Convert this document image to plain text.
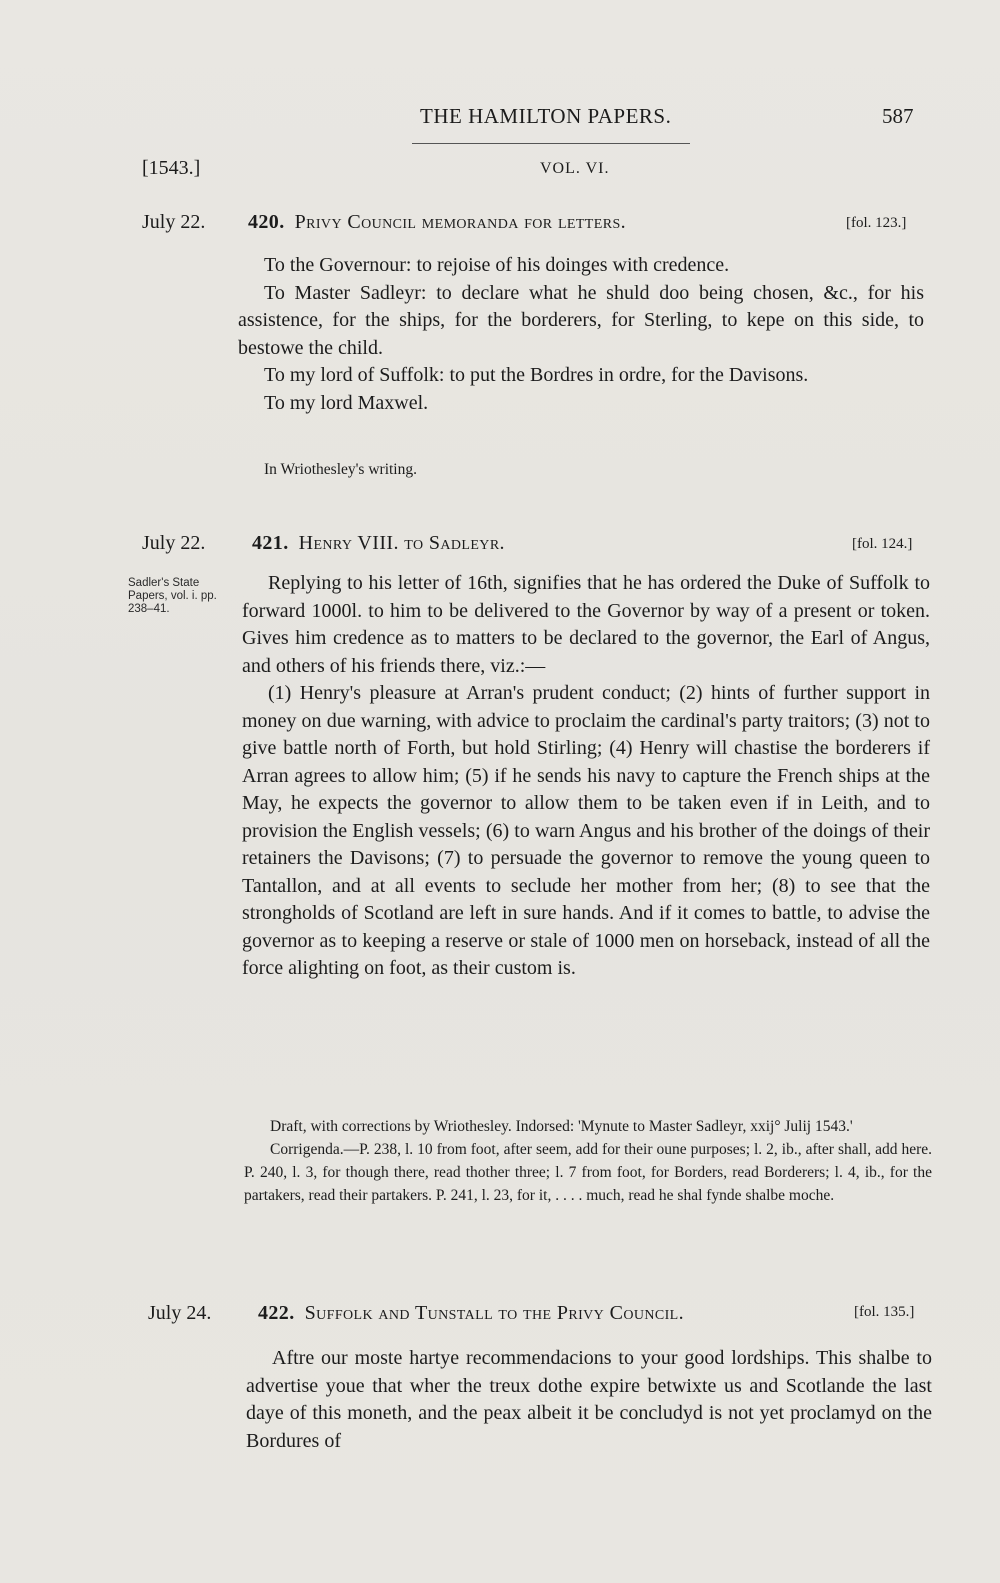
THE HAMILTON PAPERS.	587
[1543.]	VOL. VI.
July 22. 420. Privy Council memoranda for letters.	[fol. 123.]

To the Governour: to rejoise of his doinges with credence.

To Master Sadleyr: to declare what he shuld doo being chosen, &c., for his assistence, for the ships, for the borderers, for Sterling, to kepe on this side, to bestowe the child.

To my lord of Suffolk: to put the Bordres in ordre, for the Davisons.

To my lord Maxwel.

In Wriothesley's writing.
July 22. 421. Henry VIII. to Sadleyr.	[fol. 124.]
Sadler's State Papers, vol. i. pp. 238–41.

Replying to his letter of 16th, signifies that he has ordered the Duke of Suffolk to forward 1000l. to him to be delivered to the Governor by way of a present or token. Gives him credence as to matters to be declared to the governor, the Earl of Angus, and others of his friends there, viz.:—

(1) Henry's pleasure at Arran's prudent conduct; (2) hints of further support in money on due warning, with advice to proclaim the cardinal's party traitors; (3) not to give battle north of Forth, but hold Stirling; (4) Henry will chastise the borderers if Arran agrees to allow him; (5) if he sends his navy to capture the French ships at the May, he expects the governor to allow them to be taken even if in Leith, and to provision the English vessels; (6) to warn Angus and his brother of the doings of their retainers the Davisons; (7) to persuade the governor to remove the young queen to Tantallon, and at all events to seclude her mother from her; (8) to see that the strongholds of Scotland are left in sure hands. And if it comes to battle, to advise the governor as to keeping a reserve or stale of 1000 men on horseback, instead of all the force alighting on foot, as their custom is.

Draft, with corrections by Wriothesley. Indorsed: 'Mynute to Master Sadleyr, xxij° Julij 1543.'

Corrigenda.—P. 238, l. 10 from foot, after seem, add for their oune purposes; l. 2, ib., after shall, add here. P. 240, l. 3, for though there, read thother three; l. 7 from foot, for Borders, read Borderers; l. 4, ib., for the partakers, read their partakers. P. 241, l. 23, for it, . . . . much, read he shal fynde shalbe moche.

July 24. 422. Suffolk and Tunstall to the Privy Council.	[fol. 135.]

Aftre our moste hartye recommendacions to your good lordships. This shalbe to advertise youe that wher the treux dothe expire betwixte us and Scotlande the last daye of this moneth, and the peax albeit it be concludyd is not yet proclamyd on the Bordures of
